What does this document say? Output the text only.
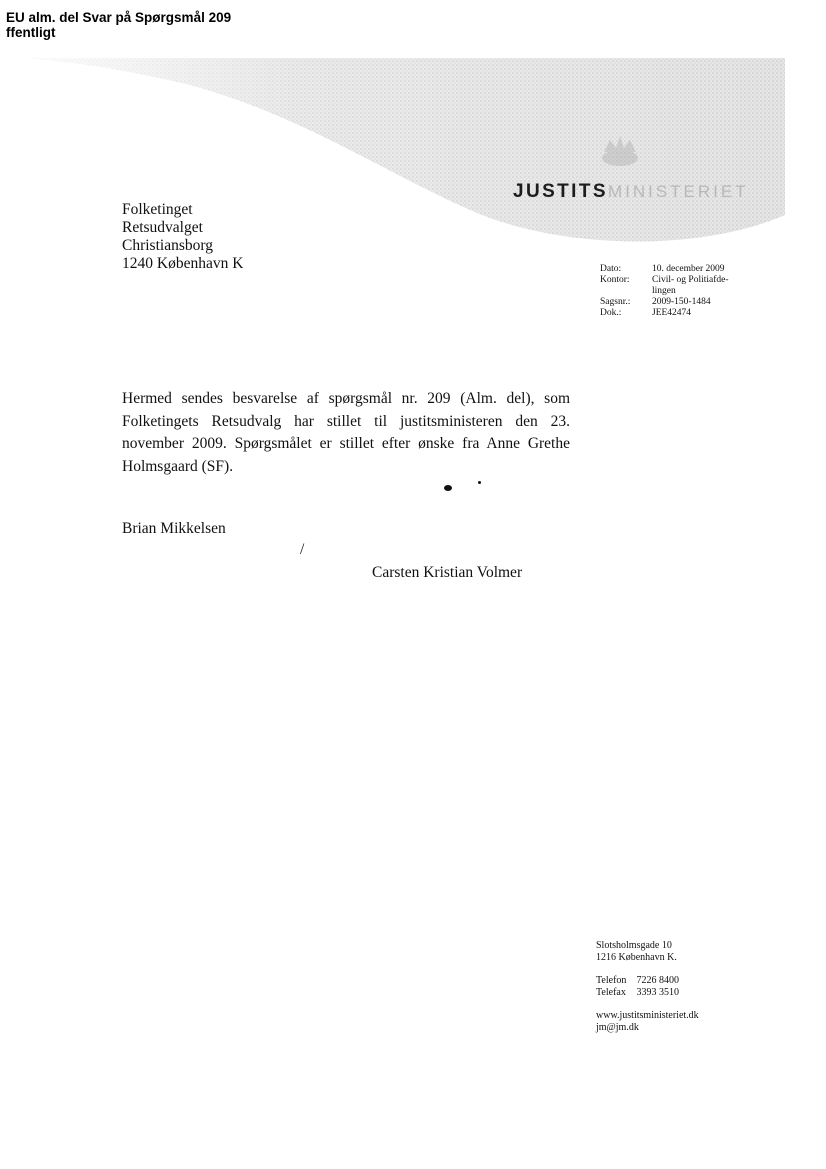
EU alm. del Svar på Spørgsmål 209
ffentligt
JUSTITSMINISTERIET
Folketinget
Retsudvalget
Christiansborg
1240 København K	Dato:	10. december 2009
Kontor:	Civil- og Politiafde-
lingen

Sagsnr.:	2009-150-1484
Dok.:	JEE42474
Hermed sendes besvarelse af spørgsmål nr. 209 (Alm. del), som Folketingets Retsudvalg har stillet til justitsministeren den 23. november 2009. Spørgsmålet er stillet efter ønske fra Anne Grethe Holmsgaard (SF).
Brian Mikkelsen
/
Carsten Kristian Volmer
Slotsholmsgade 10
1216 København K.
Telefon 7226 8400
Telefax 3393 3510
www.justitsministeriet.dk
jm@jm.dk
